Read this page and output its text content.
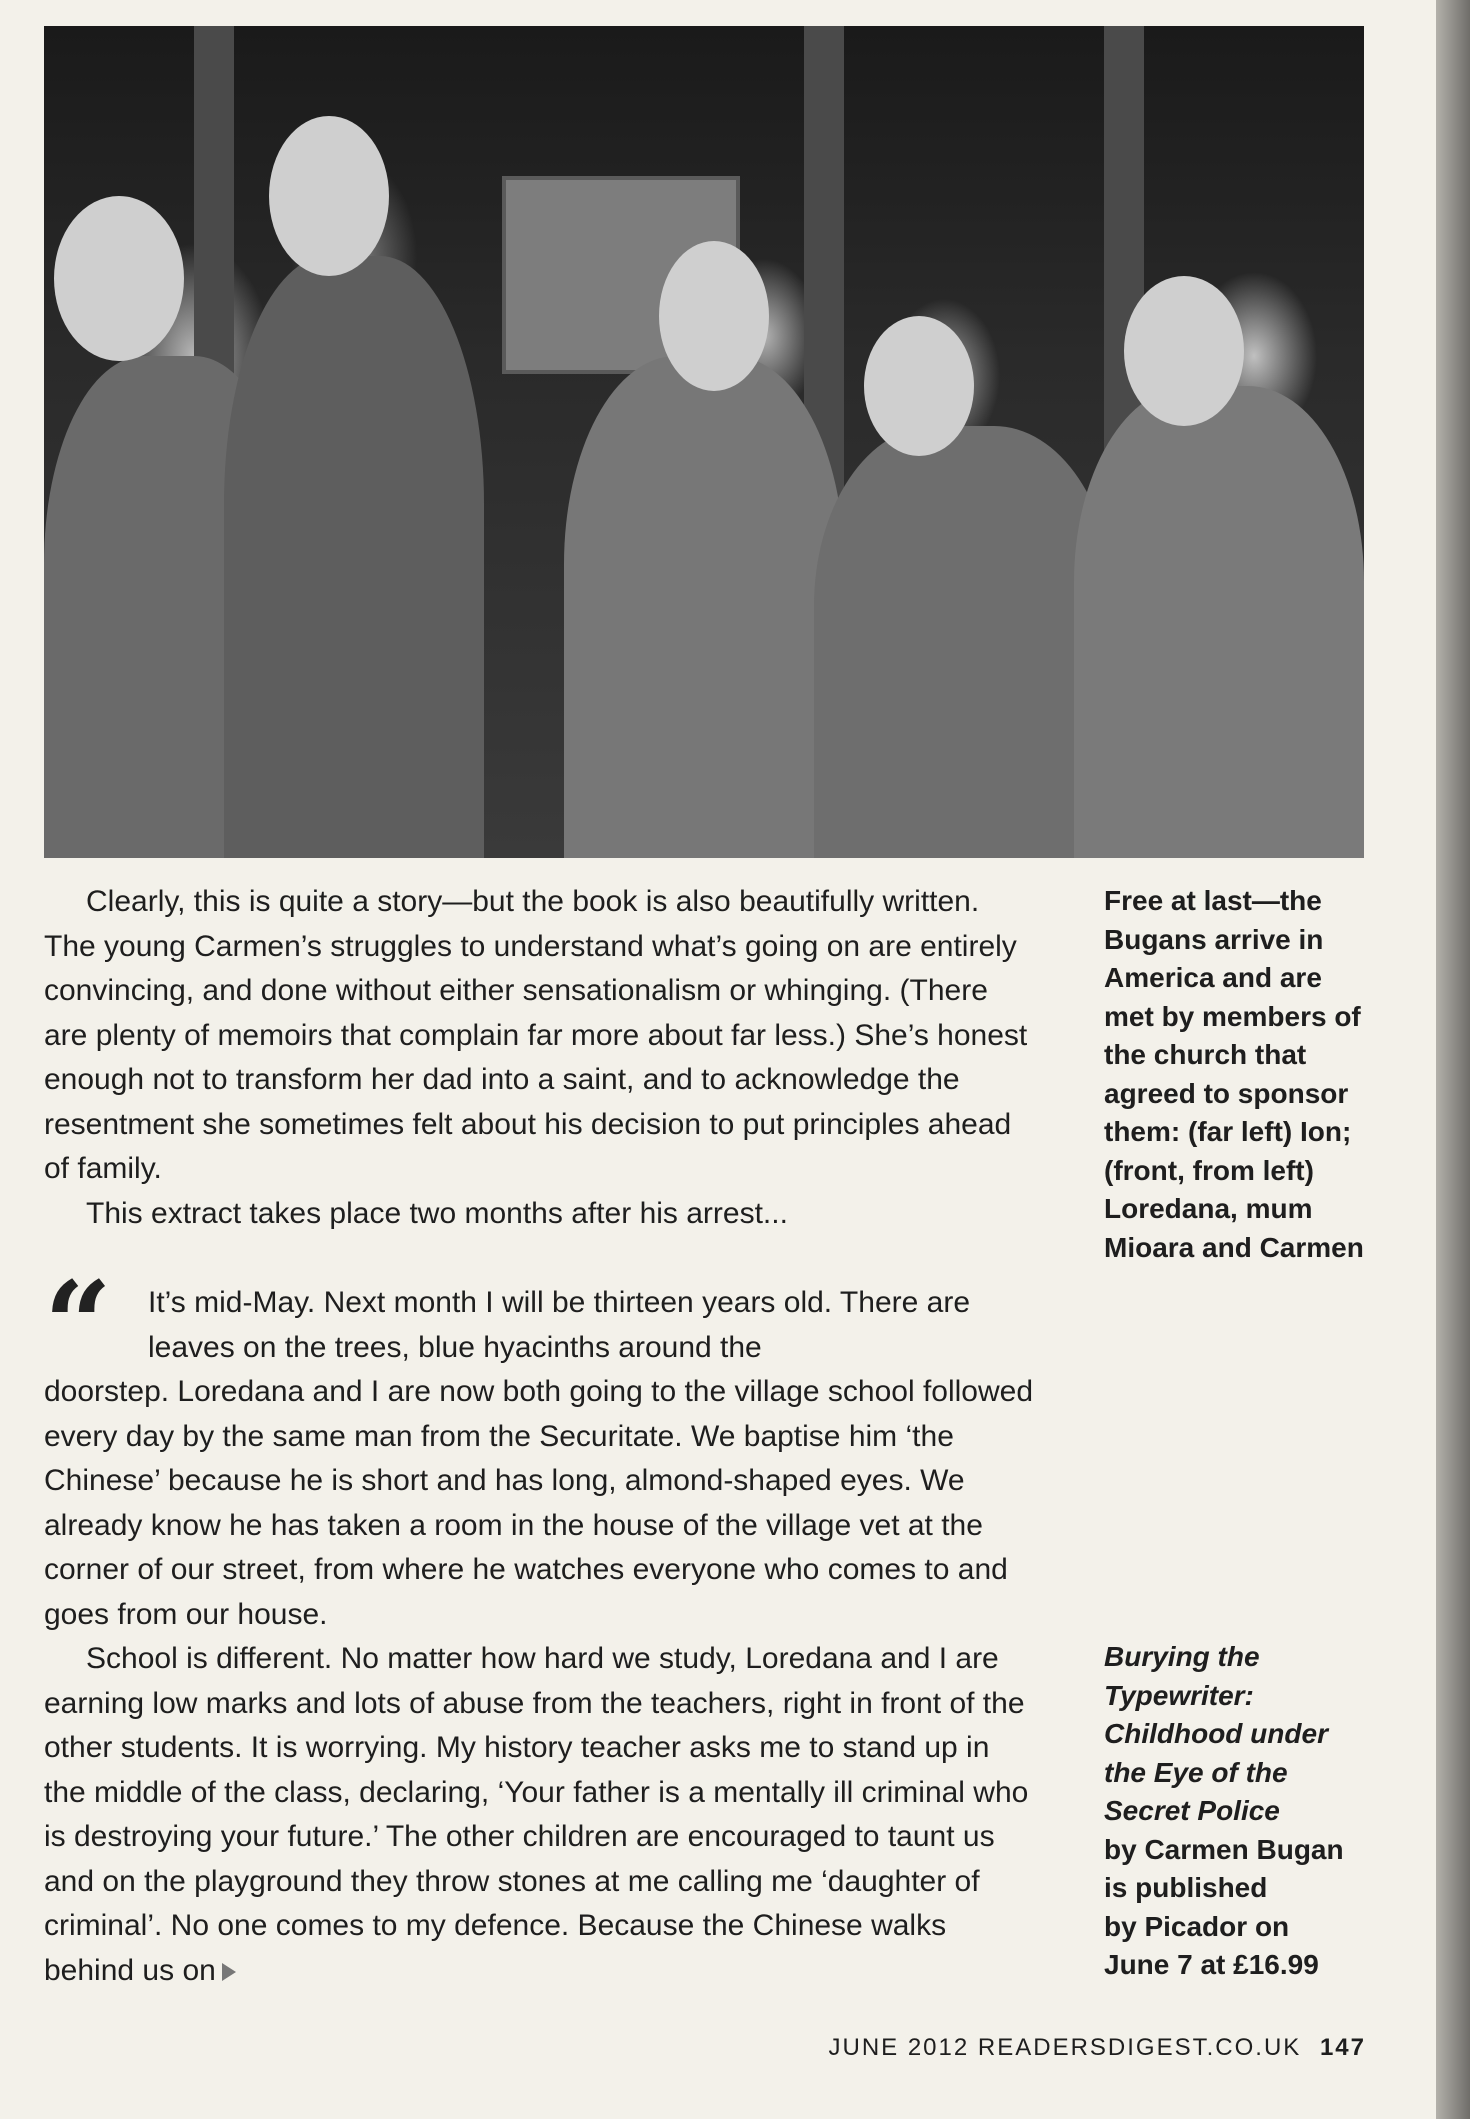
Clearly, this is quite a story—but the book is also beautifully written. The young Carmen’s struggles to understand what’s going on are entirely convincing, and done without either sensationalism or whinging. (There are plenty of memoirs that complain far more about far less.) She’s honest enough not to transform her dad into a saint, and to acknowledge the resentment she sometimes felt about his decision to put principles ahead of family.

This extract takes place two months after his arrest...

“ It’s mid-May. Next month I will be thirteen years old. There are leaves on the trees, blue hyacinths around the

doorstep. Loredana and I are now both going to the village school followed every day by the same man from the Securitate. We baptise him ‘the Chinese’ because he is short and has long, almond-shaped eyes. We already know he has taken a room in the house of the village vet at the corner of our street, from where he watches everyone who comes to and goes from our house.

School is different. No matter how hard we study, Loredana and I are earning low marks and lots of abuse from the teachers, right in front of the other students. It is worrying. My history teacher asks me to stand up in the middle of the class, declaring, ‘Your father is a mentally ill criminal who is destroying your future.’ The other children are encouraged to taunt us and on the playground they throw stones at me calling me ‘daughter of criminal’. No one comes to my defence. Because the Chinese walks behind us on

Free at last—the Bugans arrive in America and are met by members of the church that agreed to sponsor them: (far left) Ion; (front, from left) Loredana, mum Mioara and Carmen

Burying the Typewriter: Childhood under the Eye of the Secret Police
by Carmen Bugan
is published
by Picador on
June 7 at £16.99

JUNE 2012 READERSDIGEST.CO.UK 147
